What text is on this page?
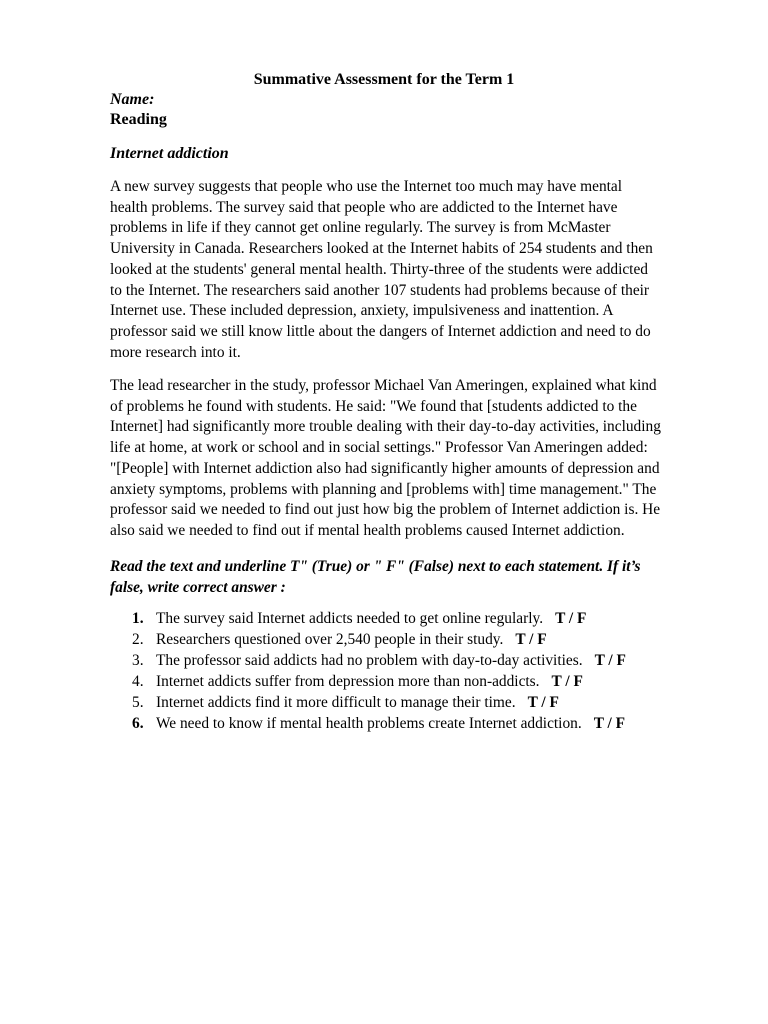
Summative Assessment for the Term 1
Name:
Reading
Internet addiction
A new survey suggests that people who use the Internet too much may have mental
health problems. The survey said that people who are addicted to the Internet have
problems in life if they cannot get online regularly. The survey is from McMaster
University in Canada. Researchers looked at the Internet habits of 254 students and then
looked at the students' general mental health. Thirty-three of the students were addicted
to the Internet. The researchers said another 107 students had problems because of their
Internet use. These included depression, anxiety, impulsiveness and inattention. A
professor said we still know little about the dangers of Internet addiction and need to do
more research into it.
The lead researcher in the study, professor Michael Van Ameringen, explained what kind
of problems he found with students. He said: "We found that [students addicted to the
Internet] had significantly more trouble dealing with their day-to-day activities, including
life at home, at work or school and in social settings." Professor Van Ameringen added:
"[People] with Internet addiction also had significantly higher amounts of depression and
anxiety symptoms, problems with planning and [problems with] time management." The
professor said we needed to find out just how big the problem of Internet addiction is. He
also said we needed to find out if mental health problems caused Internet addiction.
Read the text and underline T" (True) or " F" (False) next to each statement. If it’s
false, write correct answer :
1. The survey said Internet addicts needed to get online regularly. T / F
2. Researchers questioned over 2,540 people in their study. T / F
3. The professor said addicts had no problem with day-to-day activities. T / F
4. Internet addicts suffer from depression more than non-addicts. T / F
5. Internet addicts find it more difficult to manage their time. T / F
6. We need to know if mental health problems create Internet addiction. T / F
